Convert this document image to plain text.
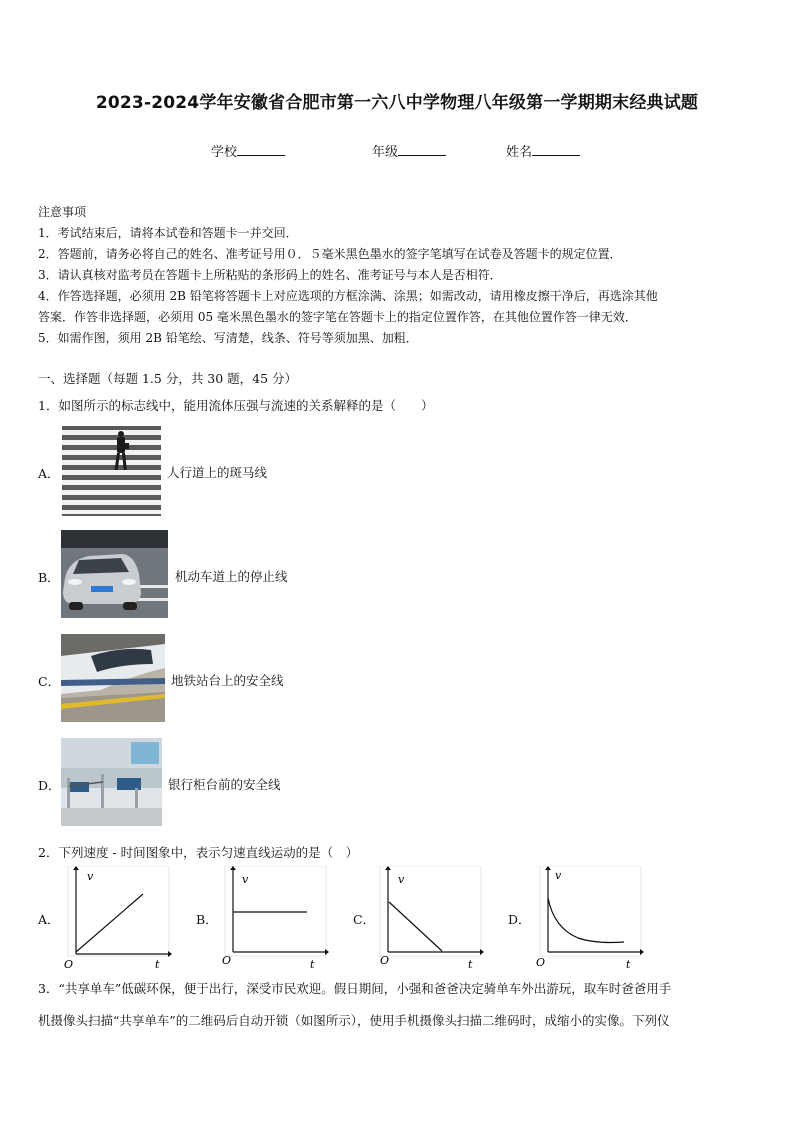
2023-2024学年安徽省合肥市第一六八中学物理八年级第一学期期末经典试题
学校	年级	姓名
注意事项
1．考试结束后，请将本试卷和答题卡一并交回．
2．答题前，请务必将自己的姓名、准考证号用０．５毫米黑色墨水的签字笔填写在试卷及答题卡的规定位置．
3．请认真核对监考员在答题卡上所粘贴的条形码上的姓名、准考证号与本人是否相符．
4．作答选择题，必须用 2B 铅笔将答题卡上对应选项的方框涂满、涂黑；如需改动，请用橡皮擦干净后，再选涂其他
答案．作答非选择题，必须用 05 毫米黑色墨水的签字笔在答题卡上的指定位置作答，在其他位置作答一律无效．
5．如需作图，须用 2B 铅笔绘、写清楚，线条、符号等须加黑、加粗．
一、选择题（每题 1.5 分，共 30 题，45 分）
1．如图所示的标志线中，能用流体压强与流速的关系解释的是（　　）
A．	人行道上的斑马线
B．	机动车道上的停止线
C．	地铁站台上的安全线
D．	银行柜台前的安全线
2．下列速度 - 时间图象中，表示匀速直线运动的是（　）
A．
v
O	t
B．
v
O	t
C．
v
O	t
D．
v
O	t
3．“共享单车”低碳环保，便于出行，深受市民欢迎。假日期间，小强和爸爸决定骑单车外出游玩，取车时爸爸用手
机摄像头扫描“共享单车”的二维码后自动开锁（如图所示），使用手机摄像头扫描二维码时，成缩小的实像。下列仪
